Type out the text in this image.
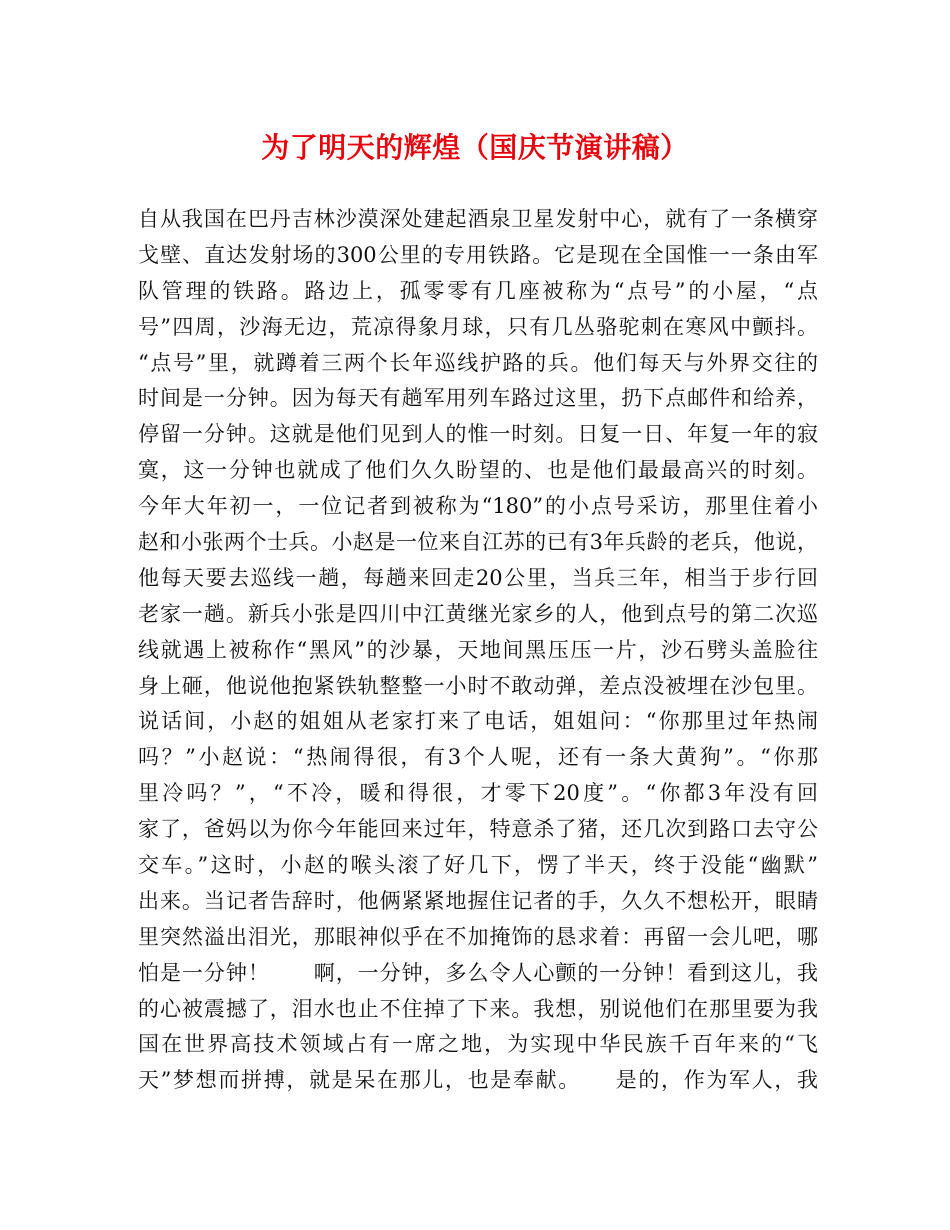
为了明天的辉煌（国庆节演讲稿）
自从我国在巴丹吉林沙漠深处建起酒泉卫星发射中心，就有了一条横穿
戈壁、直达发射场的300公里的专用铁路。它是现在全国惟一一条由军
队管理的铁路。路边上，孤零零有几座被称为“点号”的小屋，“点
号”四周，沙海无边，荒凉得象月球，只有几丛骆驼刺在寒风中颤抖。
“点号”里，就蹲着三两个长年巡线护路的兵。他们每天与外界交往的
时间是一分钟。因为每天有趟军用列车路过这里，扔下点邮件和给养，
停留一分钟。这就是他们见到人的惟一时刻。日复一日、年复一年的寂
寞，这一分钟也就成了他们久久盼望的、也是他们最最高兴的时刻。
今年大年初一，一位记者到被称为“180”的小点号采访，那里住着小
赵和小张两个士兵。小赵是一位来自江苏的已有3年兵龄的老兵，他说，
他每天要去巡线一趟，每趟来回走20公里，当兵三年，相当于步行回
老家一趟。新兵小张是四川中江黄继光家乡的人，他到点号的第二次巡
线就遇上被称作“黑风”的沙暴，天地间黑压压一片，沙石劈头盖脸往
身上砸，他说他抱紧铁轨整整一小时不敢动弹，差点没被埋在沙包里。
说话间，小赵的姐姐从老家打来了电话，姐姐问：“你那里过年热闹
吗？”小赵说：“热闹得很，有3个人呢，还有一条大黄狗”。“你那
里冷吗？”，“不冷，暖和得很，才零下20度”。“你都3年没有回
家了，爸妈以为你今年能回来过年，特意杀了猪，还几次到路口去守公
交车。”这时，小赵的喉头滚了好几下，愣了半天，终于没能“幽默”
出来。当记者告辞时，他俩紧紧地握住记者的手，久久不想松开，眼睛
里突然溢出泪光，那眼神似乎在不加掩饰的恳求着：再留一会儿吧，哪
怕是一分钟！　　啊，一分钟，多么令人心颤的一分钟！看到这儿，我
的心被震撼了，泪水也止不住掉了下来。我想，别说他们在那里要为我
国在世界高技术领域占有一席之地，为实现中华民族千百年来的“飞
天”梦想而拼搏，就是呆在那儿，也是奉献。　　是的，作为军人，我
